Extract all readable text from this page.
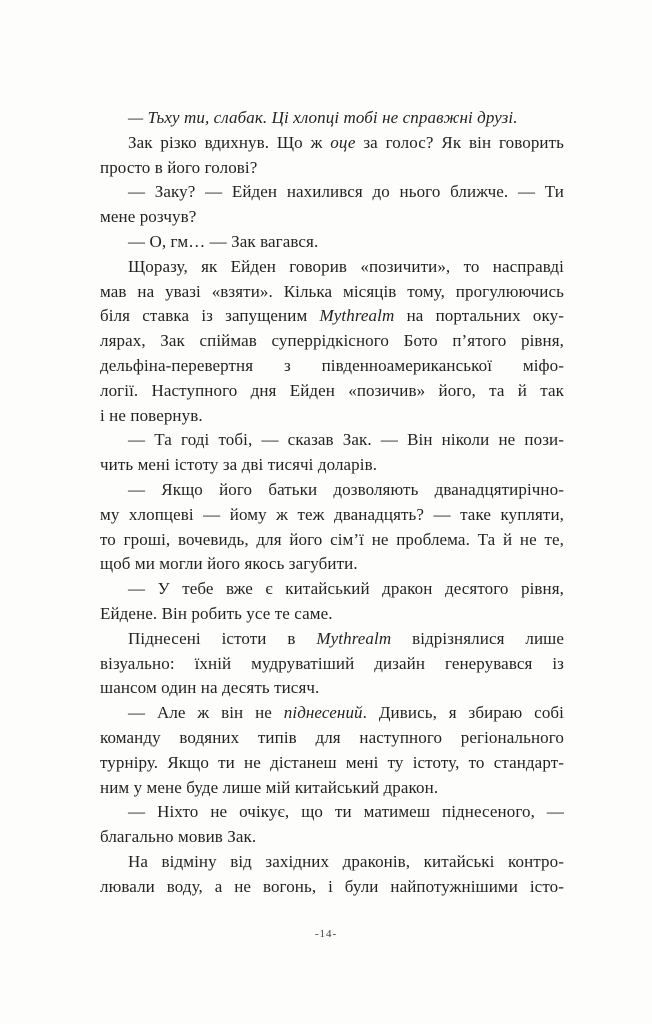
— Тьху ти, слабак. Ці хлопці тобі не справжні друзі.

Зак різко вдихнув. Що ж оце за голос? Як він говорить
просто в його голові?

— Заку? — Ейден нахилився до нього ближче. — Ти
мене розчув?

— О, гм… — Зак вагався.

Щоразу, як Ейден говорив «позичити», то насправді
мав на увазі «взяти». Кілька місяців тому, прогулюючись
біля ставка із запущеним Mythrealm на портальних оку-
лярах, Зак спіймав суперрідкісного Бото п’ятого рівня,
дельфіна-перевертня з південноамериканської міфо-
логії. Наступного дня Ейден «позичив» його, та й так
і не повернув.

— Та годі тобі, — сказав Зак. — Він ніколи не пози-
чить мені істоту за дві тисячі доларів.

— Якщо його батьки дозволяють дванадцятирічно-
му хлопцеві — йому ж теж дванадцять? — таке купляти,
то гроші, вочевидь, для його сім’ї не проблема. Та й не те,
щоб ми могли його якось загубити.

— У тебе вже є китайський дракон десятого рівня,
Ейдене. Він робить усе те саме.

Піднесені істоти в Mythrealm відрізнялися лише
візуально: їхній мудруватіший дизайн генерувався із
шансом один на десять тисяч.

— Але ж він не піднесений. Дивись, я збираю собі
команду водяних типів для наступного регіонального
турніру. Якщо ти не дістанеш мені ту істоту, то стандарт-
ним у мене буде лише мій китайський дракон.

— Ніхто не очікує, що ти матимеш піднесеного, —
благально мовив Зак.

На відміну від західних драконів, китайські контро-
лювали воду, а не вогонь, і були найпотужнішими істо-

-14-
